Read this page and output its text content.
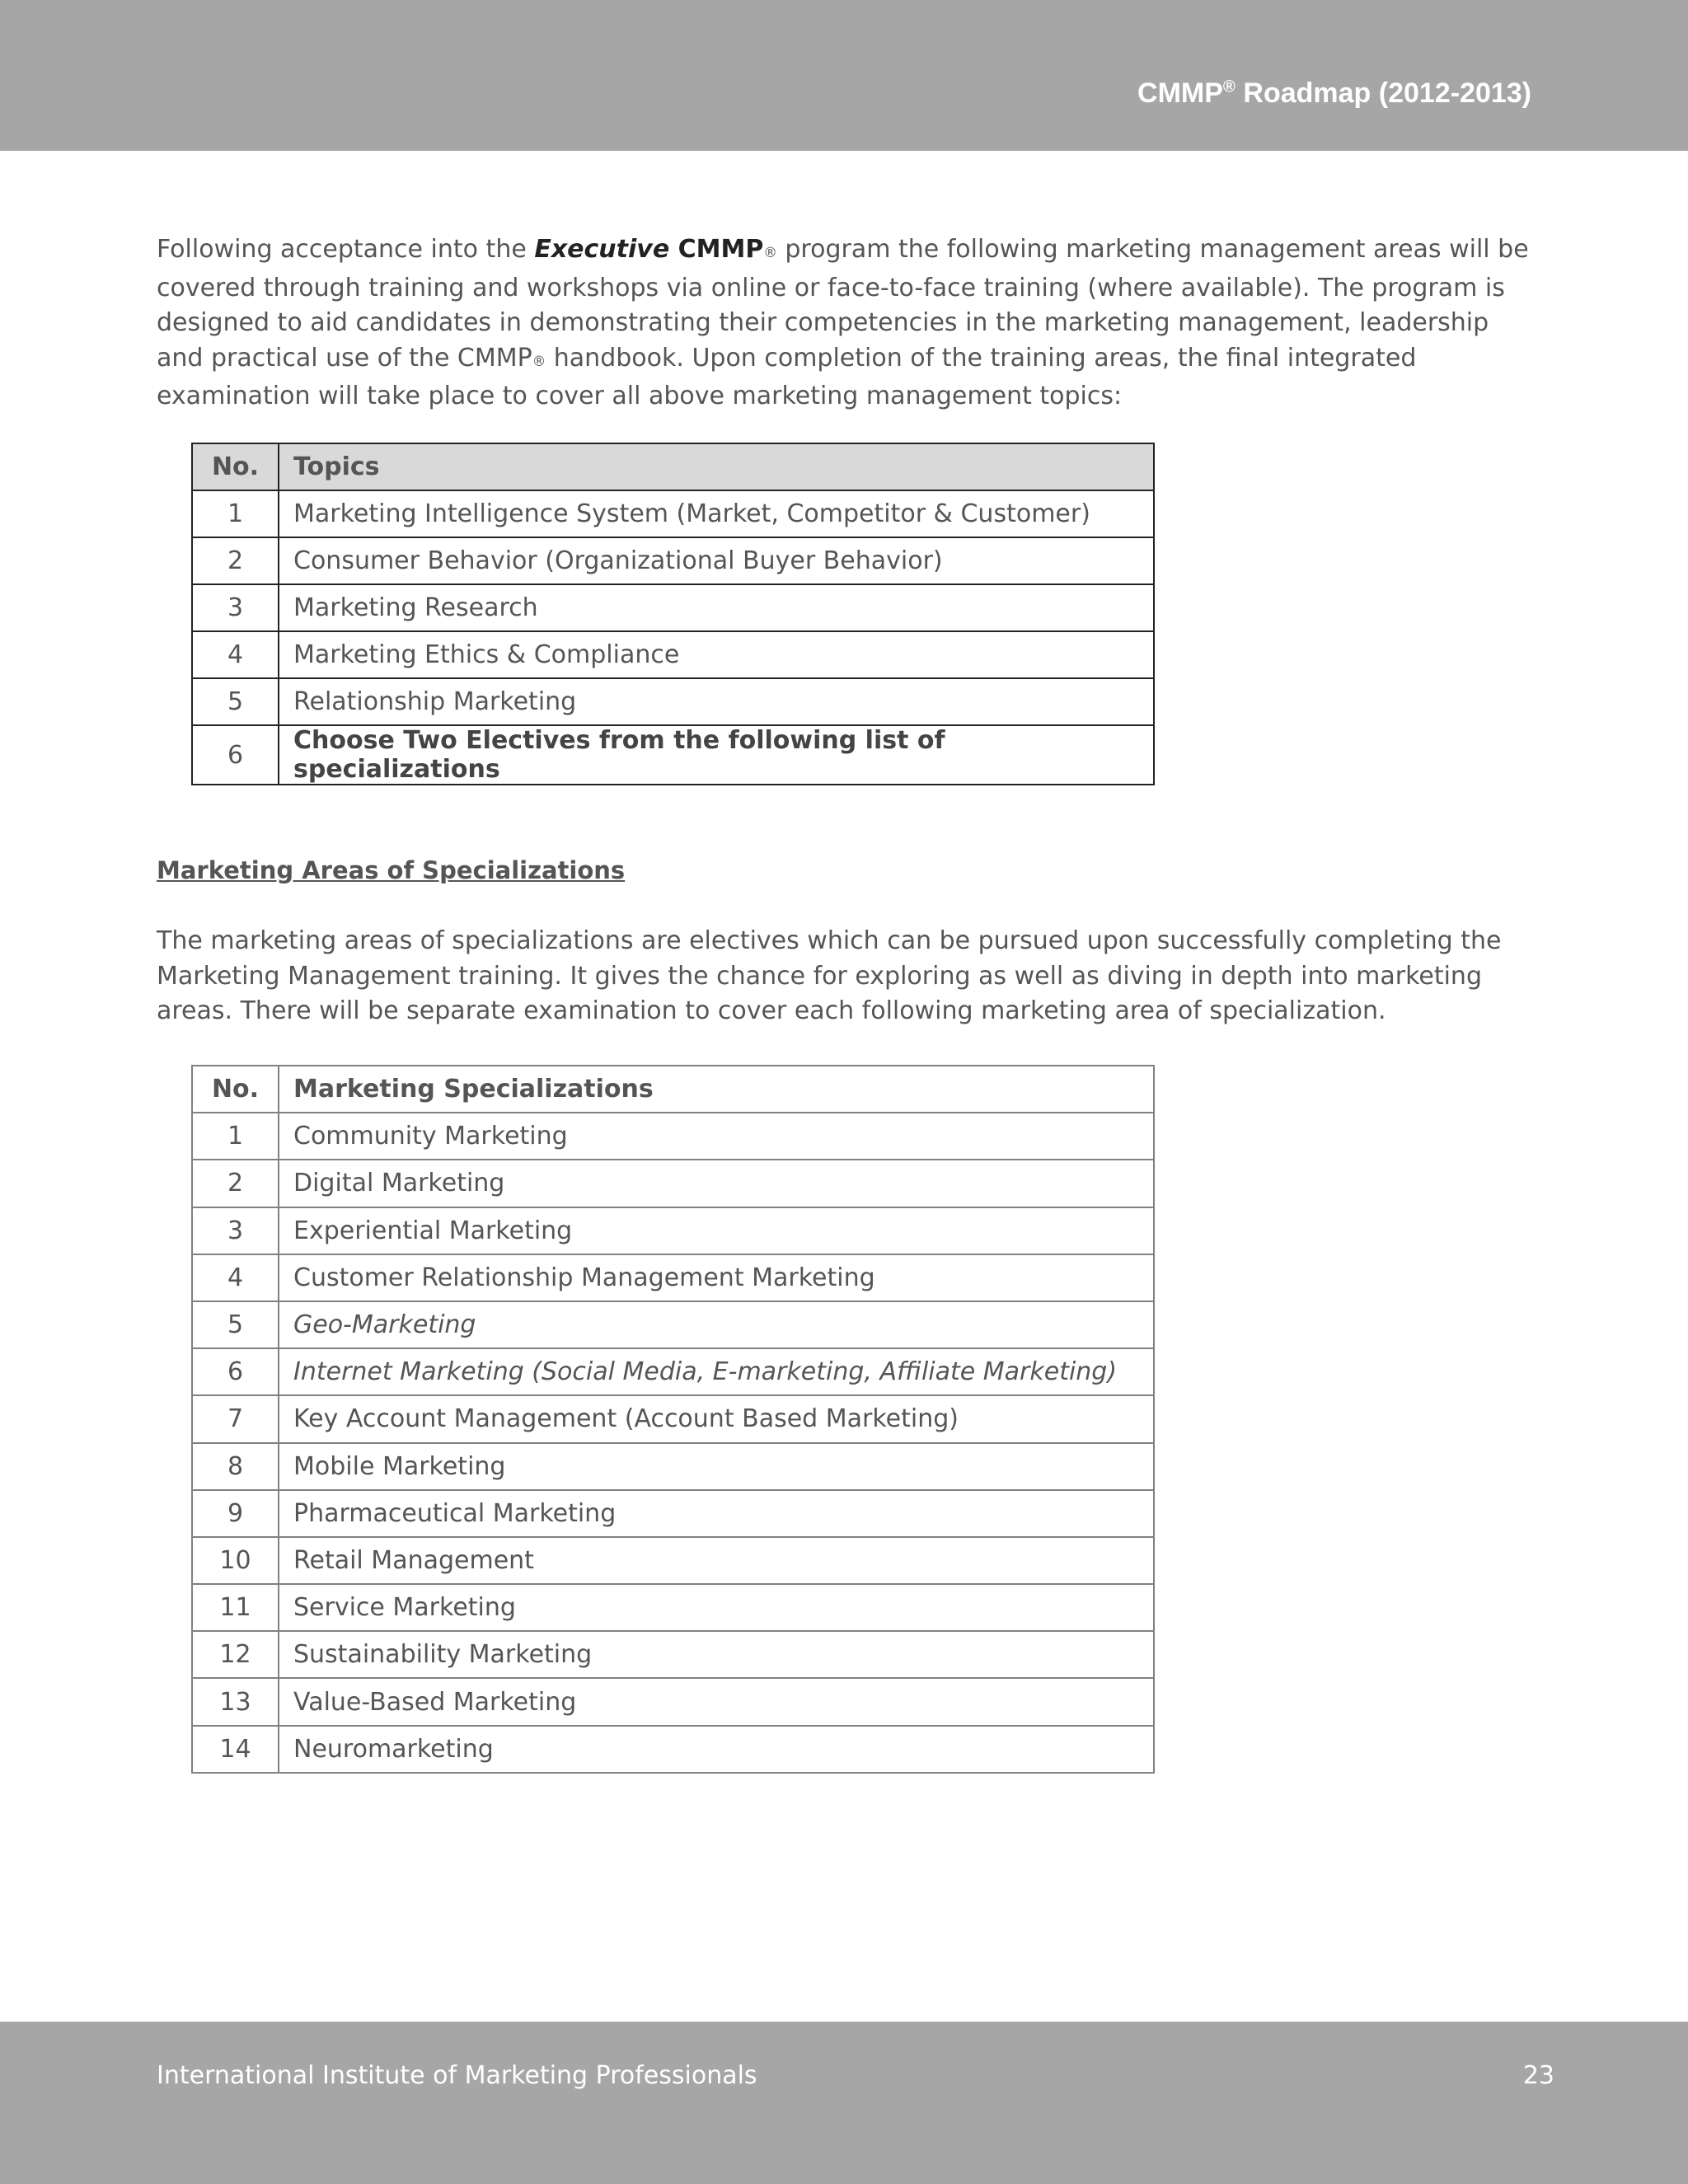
CMMP® Roadmap (2012-2013)
Following acceptance into the Executive CMMP® program the following marketing management areas will be covered through training and workshops via online or face-to-face training (where available). The program is designed to aid candidates in demonstrating their competencies in the marketing management, leadership and practical use of the CMMP® handbook. Upon completion of the training areas, the final integrated examination will take place to cover all above marketing management topics:
No.	Topics
1	Marketing Intelligence System (Market, Competitor & Customer)
2	Consumer Behavior (Organizational Buyer Behavior)
3	Marketing Research
4	Marketing Ethics & Compliance
5	Relationship Marketing
6	Choose Two Electives from the following list of specializations
Marketing Areas of Specializations
The marketing areas of specializations are electives which can be pursued upon successfully completing the Marketing Management training. It gives the chance for exploring as well as diving in depth into marketing areas. There will be separate examination to cover each following marketing area of specialization.
No.	Marketing Specializations
1	Community Marketing
2	Digital Marketing
3	Experiential Marketing
4	Customer Relationship Management Marketing
5	Geo-Marketing
6	Internet Marketing (Social Media, E-marketing, Affiliate Marketing)
7	Key Account Management (Account Based Marketing)
8	Mobile Marketing
9	Pharmaceutical Marketing
10	Retail Management
11	Service Marketing
12	Sustainability Marketing
13	Value-Based Marketing
14	Neuromarketing
International Institute of Marketing Professionals	23
